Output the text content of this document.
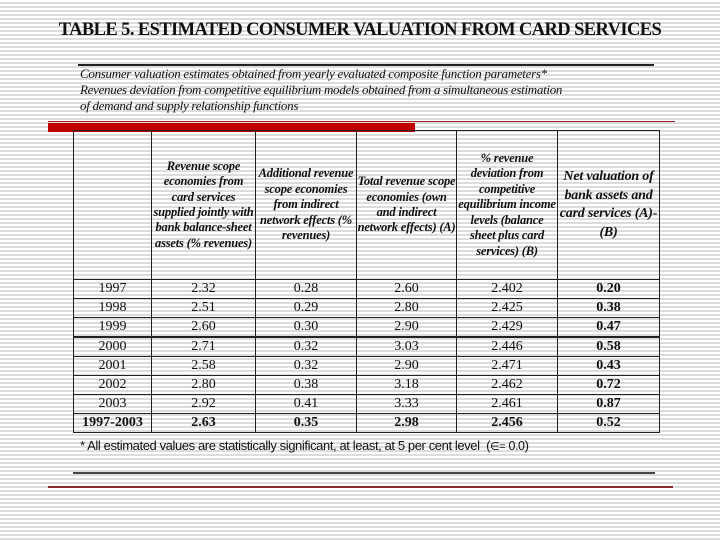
TABLE 5. ESTIMATED CONSUMER VALUATION FROM CARD SERVICES
Consumer valuation estimates obtained from yearly evaluated composite function parameters*
Revenues deviation from competitive equilibrium models obtained from a simultaneous estimation
of demand and supply relationship functions
	Revenue scope economies from card services supplied jointly with bank balance-sheet assets (% revenues)	Additional revenue scope economies from indirect network effects (% revenues)	Total revenue scope economies (own and indirect network effects) (A)	% revenue deviation from competitive equilibrium income levels (balance sheet plus card services) (B)	Net valuation of bank assets and card services (A)-(B)
1997	2.32	0.28	2.60	2.402	0.20
1998	2.51	0.29	2.80	2.425	0.38
1999	2.60	0.30	2.90	2.429	0.47
2000	2.71	0.32	3.03	2.446	0.58
2001	2.58	0.32	2.90	2.471	0.43
2002	2.80	0.38	3.18	2.462	0.72
2003	2.92	0.41	3.33	2.461	0.87
1997-2003	2.63	0.35	2.98	2.456	0.52
* All estimated values are statistically significant, at least, at 5 per cent level (∈= 0.0)
